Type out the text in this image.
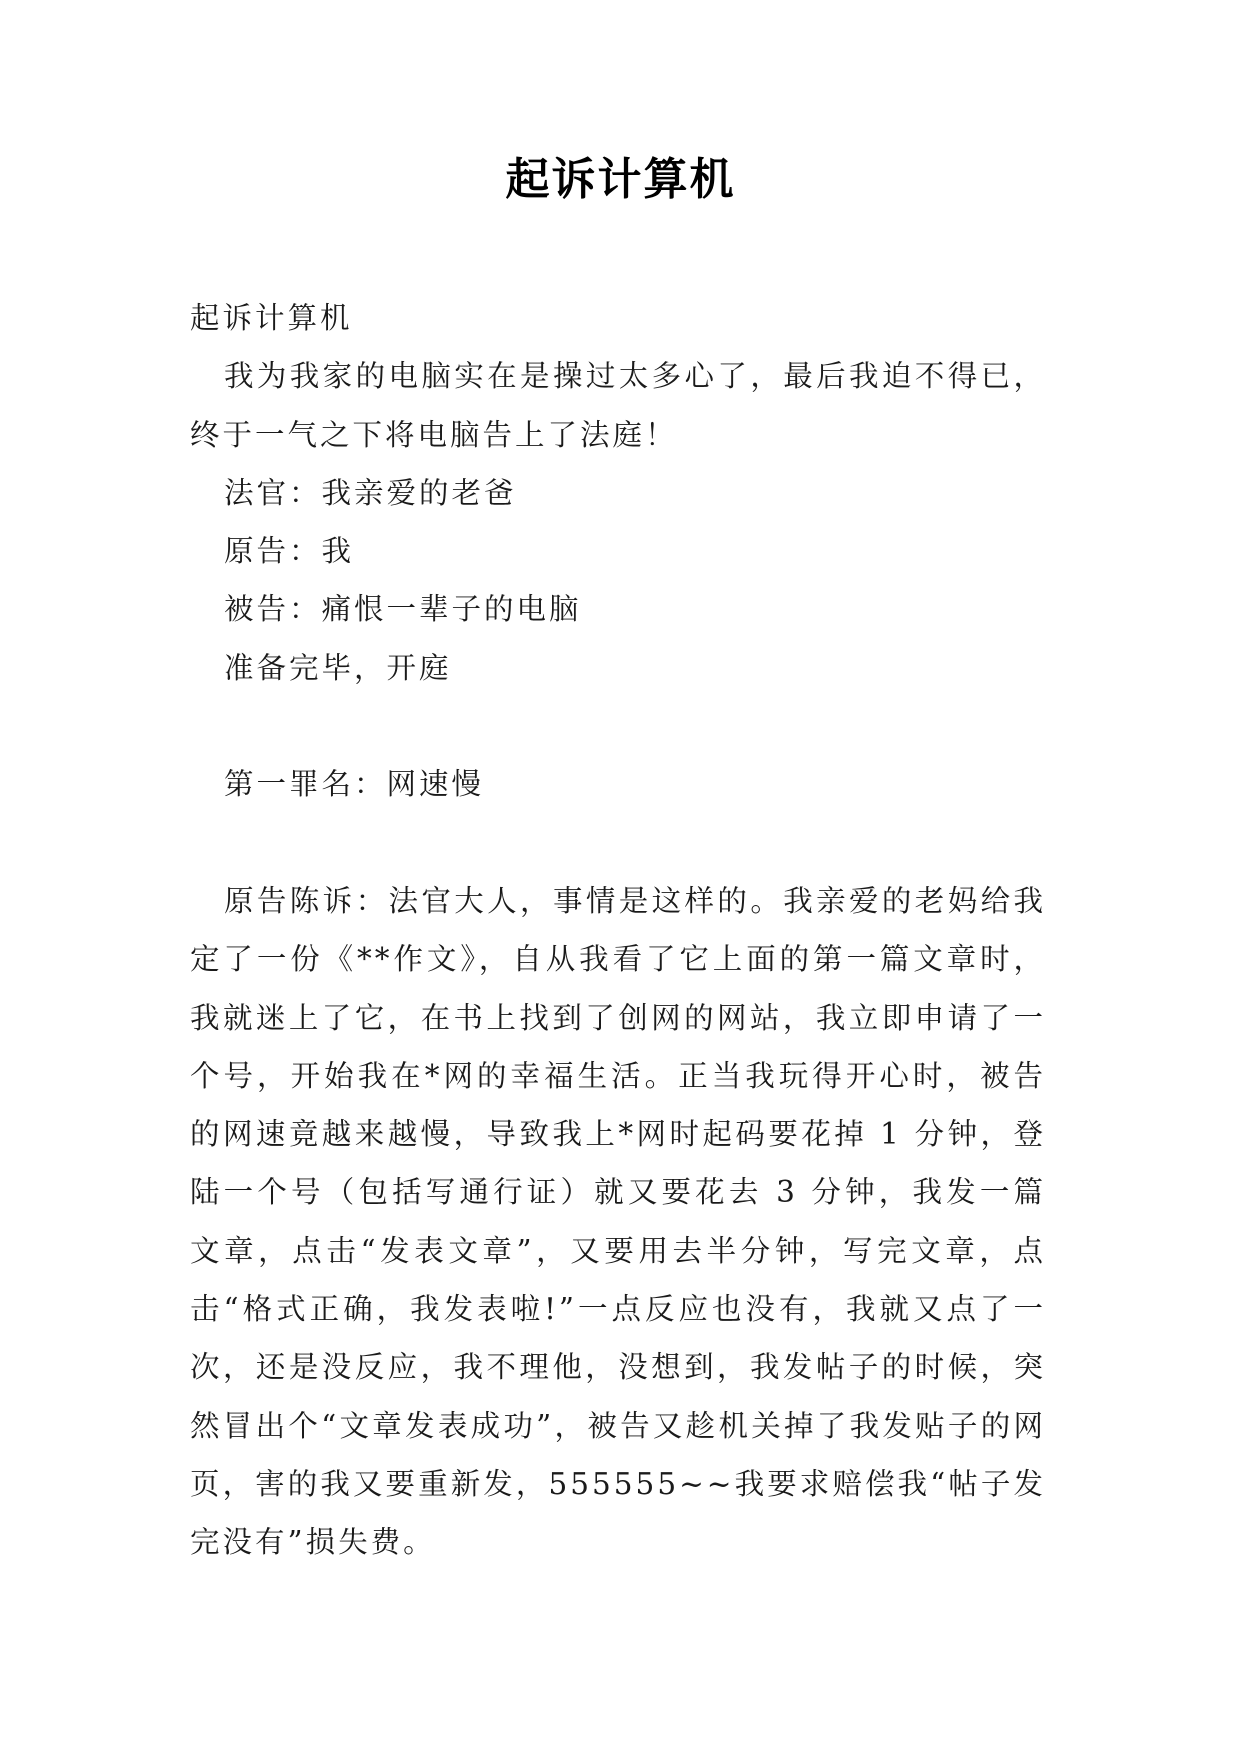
起诉计算机

起诉计算机

我为我家的电脑实在是操过太多心了，最后我迫不得已，终于一气之下将电脑告上了法庭！

法官：我亲爱的老爸

原告：我

被告：痛恨一辈子的电脑

准备完毕，开庭

第一罪名：网速慢

原告陈诉：法官大人，事情是这样的。我亲爱的老妈给我定了一份《**作文》，自从我看了它上面的第一篇文章时，我就迷上了它，在书上找到了创网的网站，我立即申请了一个号，开始我在*网的幸福生活。正当我玩得开心时，被告的网速竟越来越慢，导致我上*网时起码要花掉 1 分钟，登陆一个号（包括写通行证）就又要花去 3 分钟，我发一篇文章，点击“发表文章”，又要用去半分钟，写完文章，点击“格式正确，我发表啦!”一点反应也没有，我就又点了一次，还是没反应，我不理他，没想到，我发帖子的时候，突然冒出个“文章发表成功”，被告又趁机关掉了我发贴子的网页，害的我又要重新发，555555~~我要求赔偿我“帖子发完没有”损失费。
